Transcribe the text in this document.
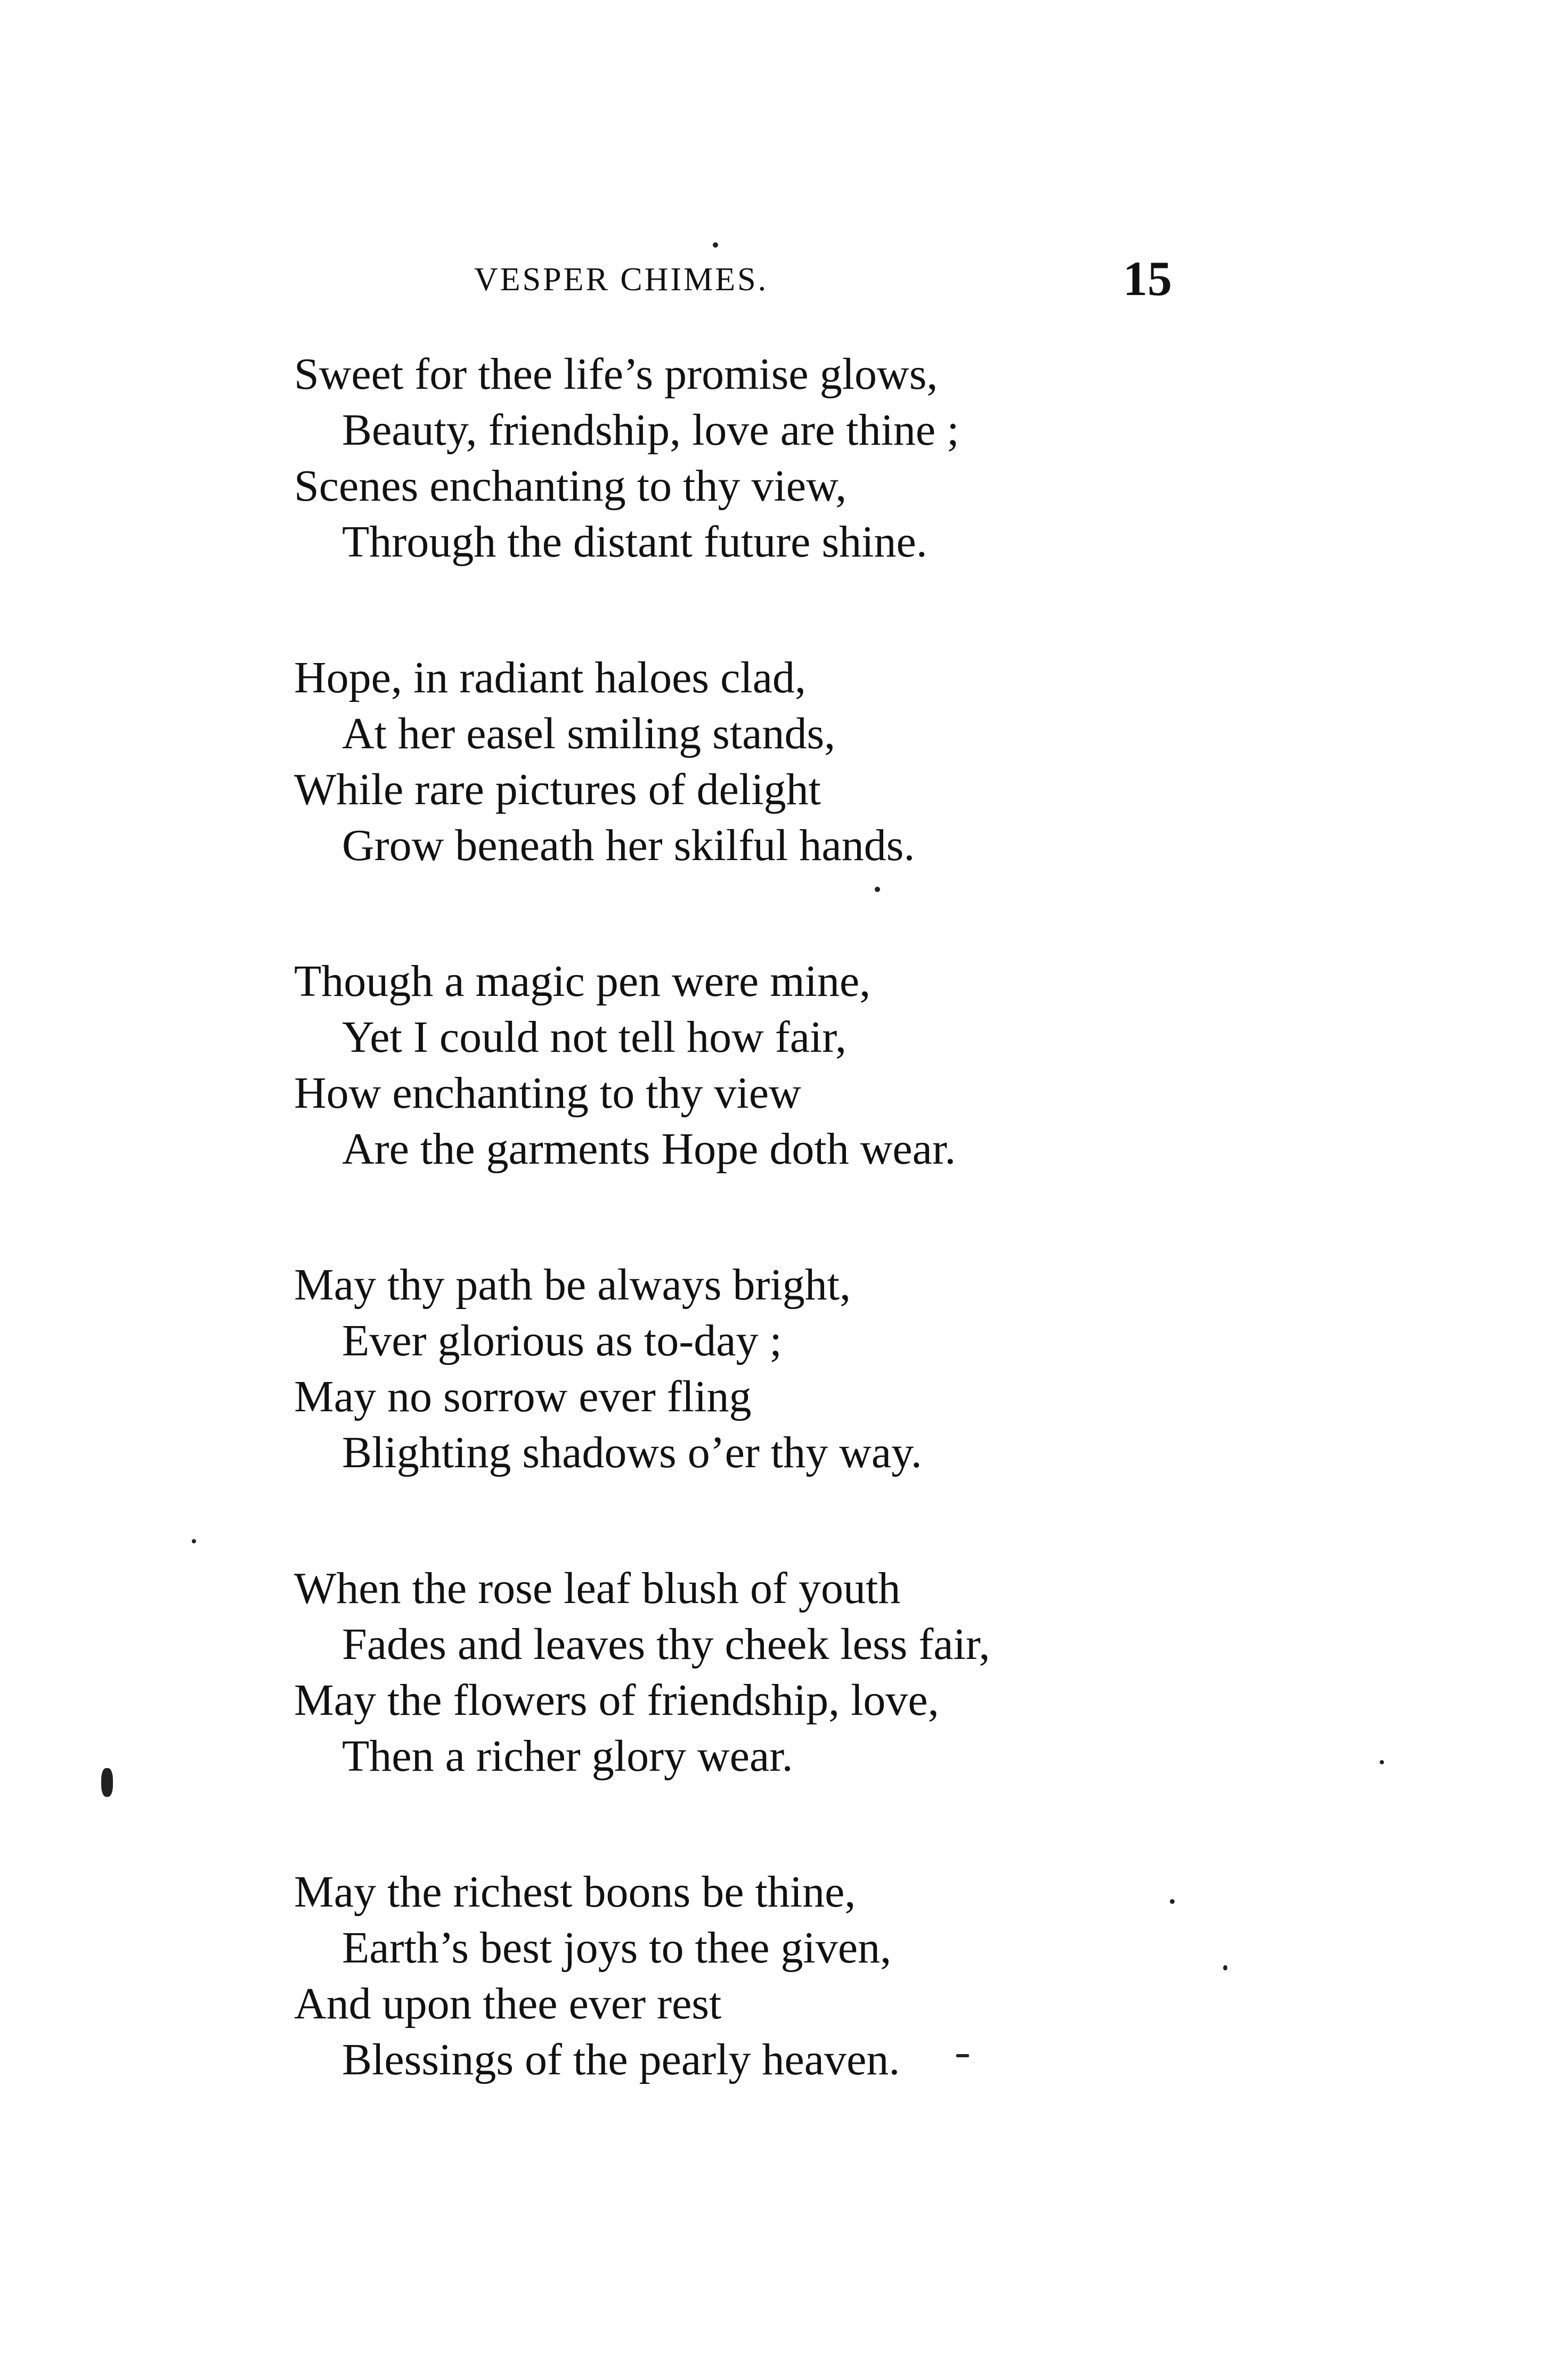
VESPER CHIMES.	15
Sweet for thee life’s promise glows,
Beauty, friendship, love are thine ;
Scenes enchanting to thy view,
Through the distant future shine.
Hope, in radiant haloes clad,
At her easel smiling stands,
While rare pictures of delight
Grow beneath her skilful hands.
Though a magic pen were mine,
Yet I could not tell how fair,
How enchanting to thy view
Are the garments Hope doth wear.
May thy path be always bright,
Ever glorious as to-day ;
May no sorrow ever fling
Blighting shadows o’er thy way.
When the rose leaf blush of youth
Fades and leaves thy cheek less fair,
May the flowers of friendship, love,
Then a richer glory wear.
May the richest boons be thine,
Earth’s best joys to thee given,
And upon thee ever rest
Blessings of the pearly heaven.
